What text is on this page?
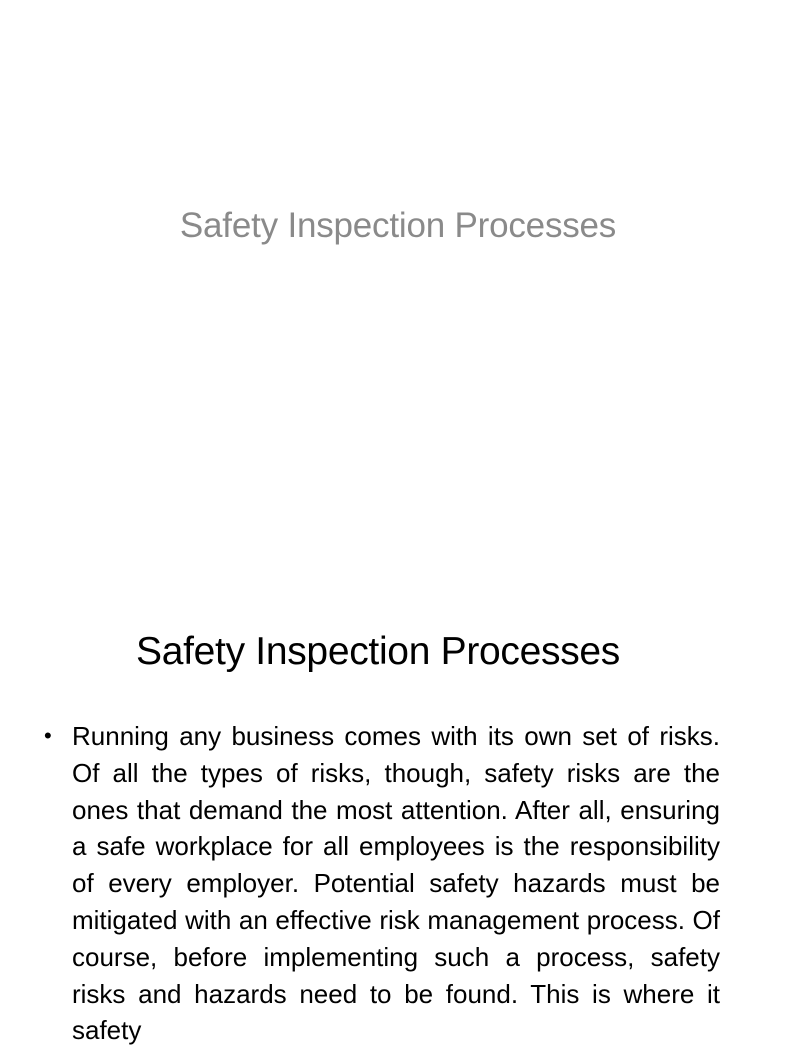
Safety Inspection Processes
Safety Inspection Processes
• Running any business comes with its own set of risks. Of all the types of risks, though, safety risks are the ones that demand the most attention. After all, ensuring a safe workplace for all employees is the responsibility of every employer. Potential safety hazards must be mitigated with an effective risk management process. Of course, before implementing such a process, safety risks and hazards need to be found. This is where it safety
